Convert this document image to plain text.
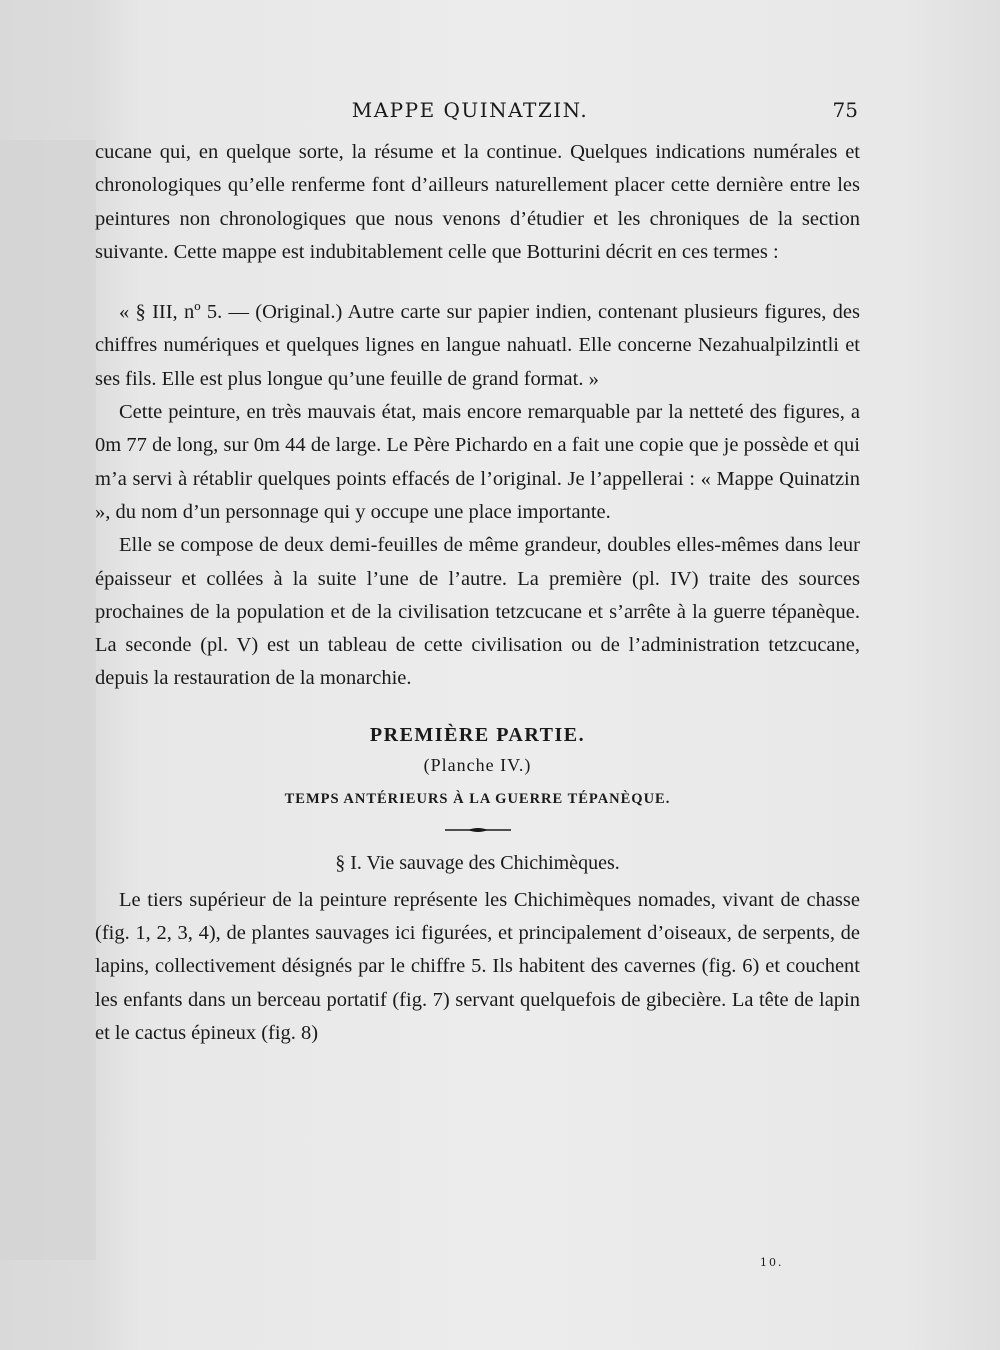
MAPPE QUINATZIN.	75

cucane qui, en quelque sorte, la résume et la continue. Quelques indications numérales et chronologiques qu’elle renferme font d’ailleurs naturellement placer cette dernière entre les peintures non chronologiques que nous venons d’étudier et les chroniques de la section suivante. Cette mappe est indubitablement celle que Botturini décrit en ces termes :

« § III, nº 5. — (Original.) Autre carte sur papier indien, contenant plusieurs figures, des chiffres numériques et quelques lignes en langue nahuatl. Elle concerne Nezahualpilzintli et ses fils. Elle est plus longue qu’une feuille de grand format. »

Cette peinture, en très mauvais état, mais encore remarquable par la netteté des figures, a 0m 77 de long, sur 0m 44 de large. Le Père Pichardo en a fait une copie que je possède et qui m’a servi à rétablir quelques points effacés de l’original. Je l’appellerai : « Mappe Quinatzin », du nom d’un personnage qui y occupe une place importante.

Elle se compose de deux demi-feuilles de même grandeur, doubles elles-mêmes dans leur épaisseur et collées à la suite l’une de l’autre. La première (pl. IV) traite des sources prochaines de la population et de la civilisation tetzcucane et s’arrête à la guerre tépanèque. La seconde (pl. V) est un tableau de cette civilisation ou de l’administration tetzcucane, depuis la restauration de la monarchie.

PREMIÈRE PARTIE.
(Planche IV.)
TEMPS ANTÉRIEURS À LA GUERRE TÉPANÈQUE.
§ I. Vie sauvage des Chichimèques.

Le tiers supérieur de la peinture représente les Chichimèques nomades, vivant de chasse (fig. 1, 2, 3, 4), de plantes sauvages ici figurées, et principalement d’oiseaux, de serpents, de lapins, collectivement désignés par le chiffre 5. Ils habitent des cavernes (fig. 6) et couchent les enfants dans un berceau portatif (fig. 7) servant quelquefois de gibecière. La tête de lapin et le cactus épineux (fig. 8)

10.
